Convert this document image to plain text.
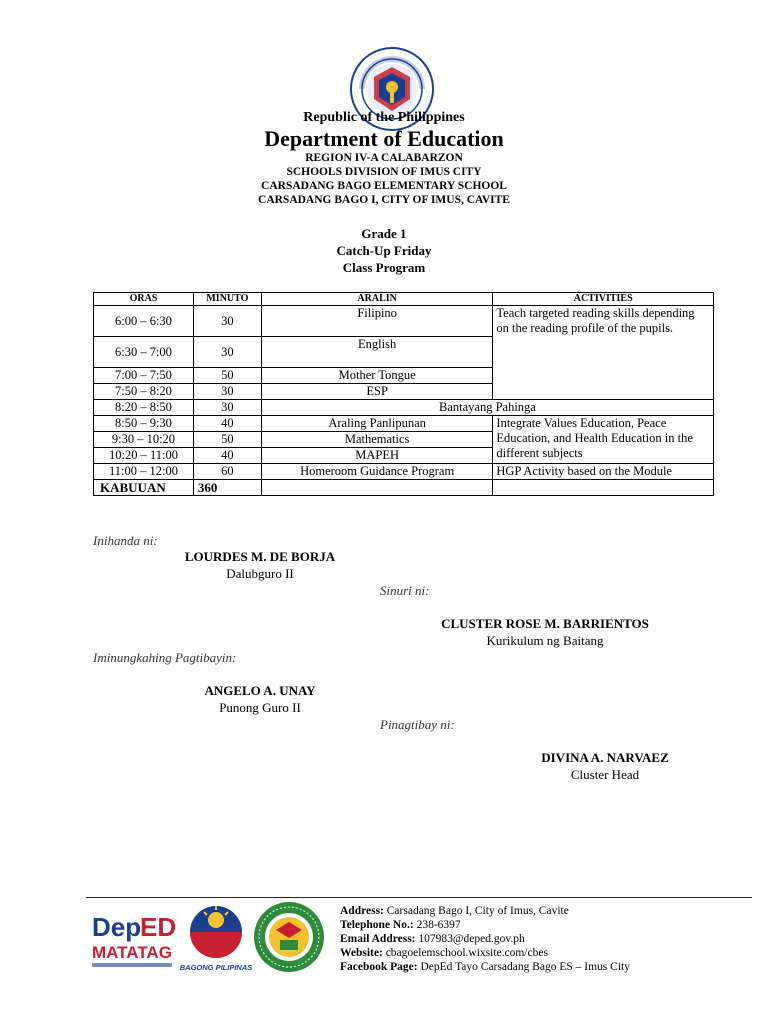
Republic of the Philippines
Department of Education
REGION IV-A CALABARZON
SCHOOLS DIVISION OF IMUS CITY
CARSADANG BAGO ELEMENTARY SCHOOL
CARSADANG BAGO I, CITY OF IMUS, CAVITE
Grade 1
Catch-Up Friday
Class Program
ORAS	MINUTO	ARALIN	ACTIVITIES
6:00 – 6:30	30	Filipino	Teach targeted reading skills depending on the reading profile of the pupils.
6:30 – 7:00	30	English	
7:00 – 7:50	50	Mother Tongue	
7:50 – 8:20	30	ESP	
8:20 – 8:50	30	Bantayang Pahinga	
8:50 – 9:30	40	Araling Panlipunan	Integrate Values Education, Peace Education, and Health Education in the different subjects
9:30 – 10:20	50	Mathematics	
10:20 – 11:00	40	MAPEH	
11:00 – 12:00	60	Homeroom Guidance Program	HGP Activity based on the Module
KABUUAN	360		
Inihanda ni:
LOURDES M. DE BORJA
Dalubguro II
Sinuri ni:
CLUSTER ROSE M. BARRIENTOS
Kurikulum ng Baitang
Iminungkahing Pagtibayin:
ANGELO A. UNAY
Punong Guro II
Pinagtibay ni:
DIVINA A. NARVAEZ
Cluster Head
Dep
ED
MATATAG
BAGONG PILIPINAS
Address: Carsadang Bago I, City of Imus, Cavite
Telephone No.: 238-6397
Email Address: 107983@deped.gov.ph
Website: cbagoelemschool.wixsite.com/cbes
Facebook Page: DepEd Tayo Carsadang Bago ES – Imus City
